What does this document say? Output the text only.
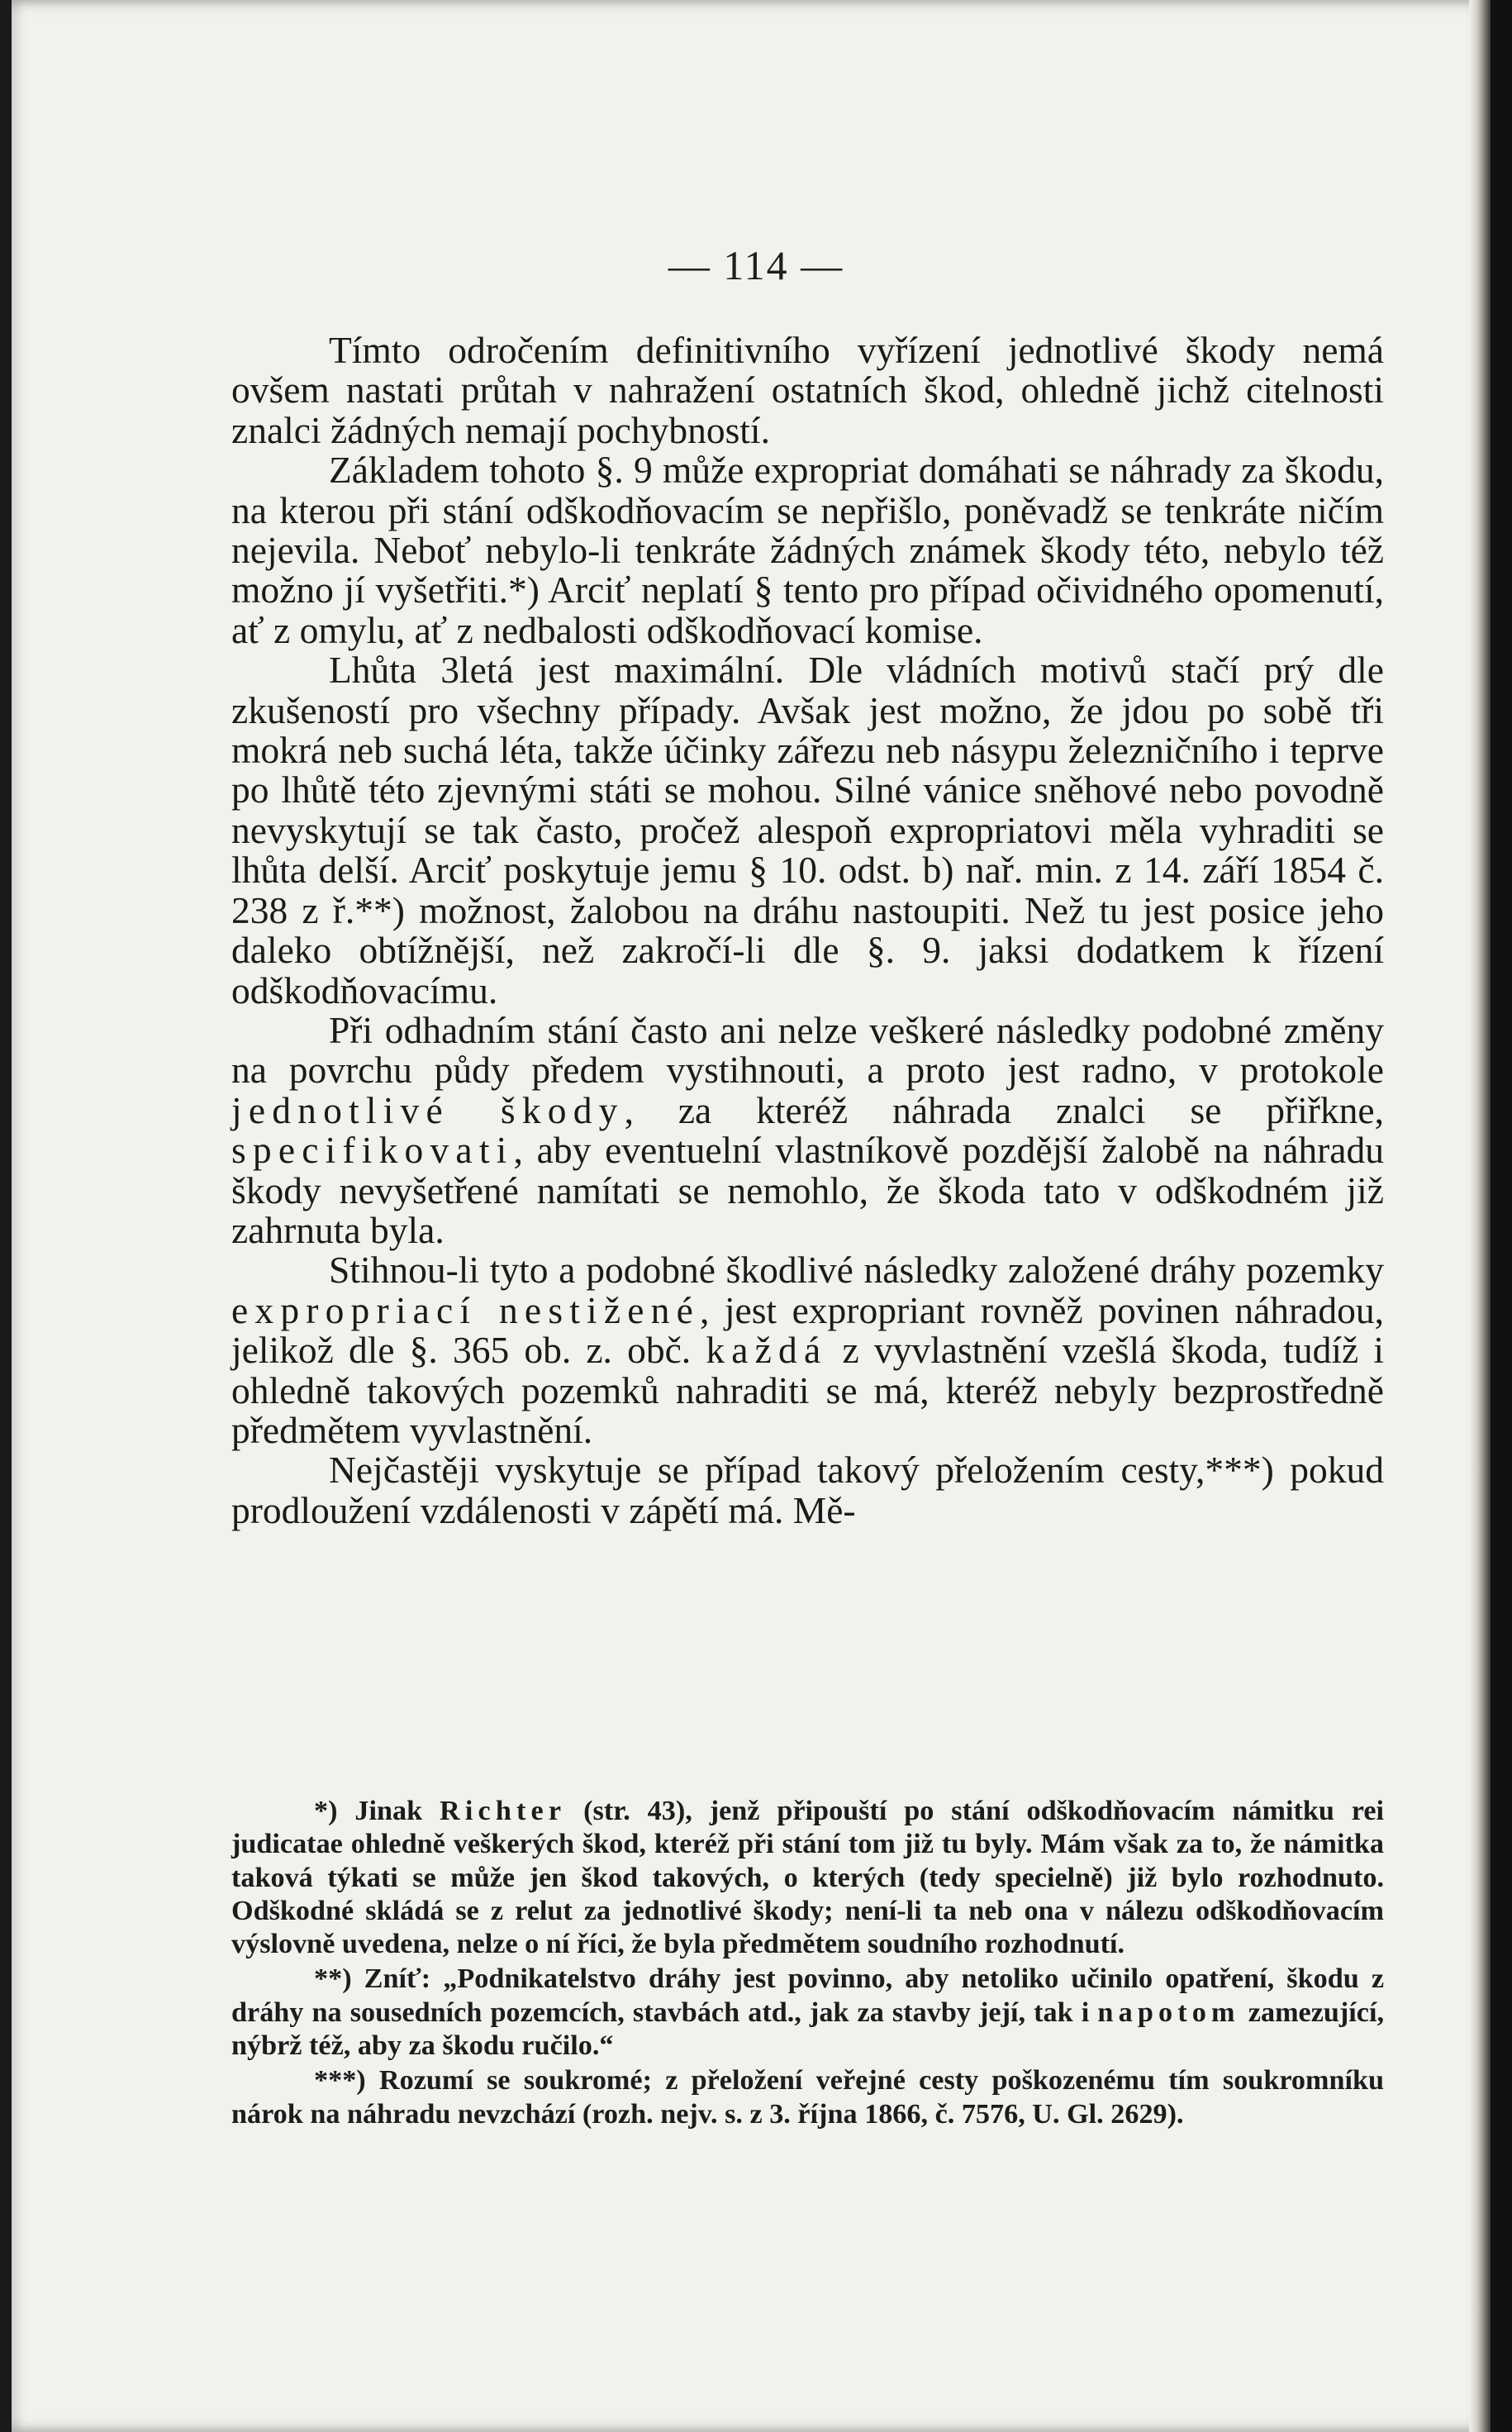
— 114 —

Tímto odročením definitivního vyřízení jednotlivé škody nemá ovšem nastati průtah v nahražení ostatních škod, ohledně jichž citelnosti znalci žádných nemají pochybností.

Základem tohoto §. 9 může expropriat domáhati se náhrady za škodu, na kterou při stání odškodňovacím se nepřišlo, poněvadž se tenkráte ničím nejevila. Neboť nebylo-li tenkráte žádných známek škody této, nebylo též možno jí vyšetřiti.*) Arciť neplatí § tento pro případ očividného opomenutí, ať z omylu, ať z nedbalosti odškodňovací komise.

Lhůta 3letá jest maximální. Dle vládních motivů stačí prý dle zkušeností pro všechny případy. Avšak jest možno, že jdou po sobě tři mokrá neb suchá léta, takže účinky zářezu neb násypu železničního i teprve po lhůtě této zjevnými státi se mohou. Silné vánice sněhové nebo povodně nevyskytují se tak často, pročež alespoň expropriatovi měla vyhraditi se lhůta delší. Arciť poskytuje jemu § 10. odst. b) nař. min. z 14. září 1854 č. 238 z ř.**) možnost, žalobou na dráhu nastoupiti. Než tu jest posice jeho daleko obtížnější, než zakročí-li dle §. 9. jaksi dodatkem k řízení odškodňovacímu.

Při odhadním stání často ani nelze veškeré následky podobné změny na povrchu půdy předem vystihnouti, a proto jest radno, v protokole jednotlivé škody, za kteréž náhrada znalci se přiřkne, specifikovati, aby eventuelní vlastníkově pozdější žalobě na náhradu škody nevyšetřené namítati se nemohlo, že škoda tato v odškodném již zahrnuta byla.

Stihnou-li tyto a podobné škodlivé následky založené dráhy pozemky expropriací nestižené, jest expropriant rovněž povinen náhradou, jelikož dle §. 365 ob. z. obč. každá z vyvlastnění vzešlá škoda, tudíž i ohledně takových pozemků nahraditi se má, kteréž nebyly bezprostředně předmětem vyvlastnění.

Nejčastěji vyskytuje se případ takový přeložením cesty,***) pokud prodloužení vzdálenosti v zápětí má. Mě-

*) Jinak Richter (str. 43), jenž připouští po stání odškodňovacím námitku rei judicatae ohledně veškerých škod, kteréž při stání tom již tu byly. Mám však za to, že námitka taková týkati se může jen škod takových, o kterých (tedy specielně) již bylo rozhodnuto. Odškodné skládá se z relut za jednotlivé škody; není-li ta neb ona v nálezu odškodňovacím výslovně uvedena, nelze o ní říci, že byla předmětem soudního rozhodnutí.

**) Zníť: „Podnikatelstvo dráhy jest povinno, aby netoliko učinilo opatření, škodu z dráhy na sousedních pozemcích, stavbách atd., jak za stavby její, tak i napotom zamezující, nýbrž též, aby za škodu ručilo.“

***) Rozumí se soukromé; z přeložení veřejné cesty poškozenému tím soukromníku nárok na náhradu nevzchází (rozh. nejv. s. z 3. října 1866, č. 7576, U. Gl. 2629).
